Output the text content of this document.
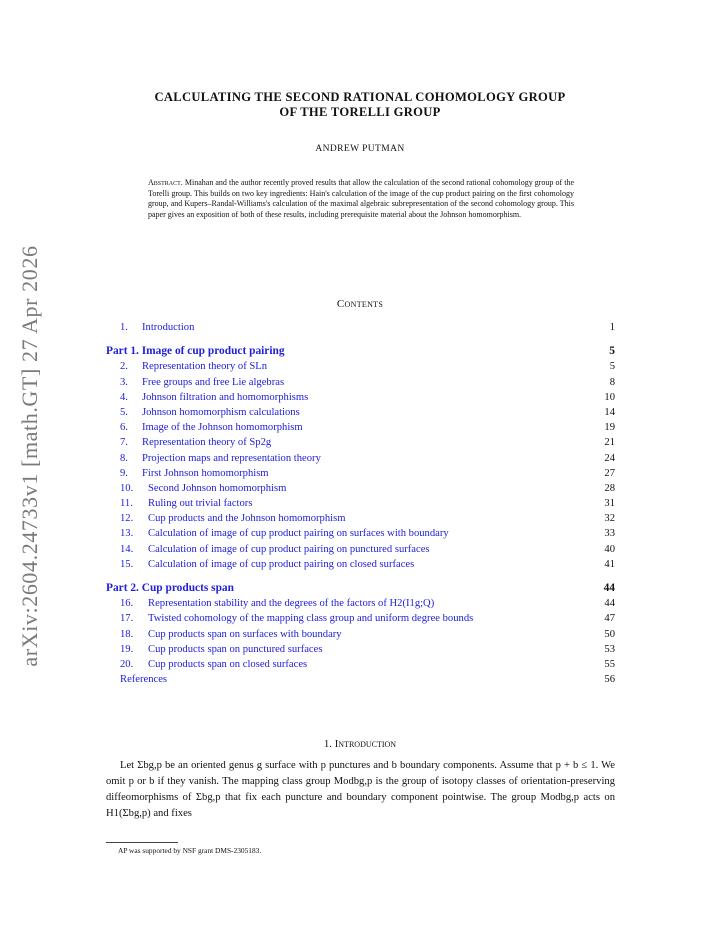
arXiv:2604.24733v1 [math.GT] 27 Apr 2026
CALCULATING THE SECOND RATIONAL COHOMOLOGY GROUP
OF THE TORELLI GROUP
ANDREW PUTMAN
Abstract. Minahan and the author recently proved results that allow the calculation of the second rational cohomology group of the Torelli group. This builds on two key ingredients: Hain's calculation of the image of the cup product pairing on the first cohomology group, and Kupers–Randal-Williams's calculation of the maximal algebraic subrepresentation of the second cohomology group. This paper gives an exposition of both of these results, including prerequisite material about the Johnson homomorphism.
Contents
1. Introduction	1
Part 1. Image of cup product pairing	5
2. Representation theory of SLn	5
3. Free groups and free Lie algebras	8
4. Johnson filtration and homomorphisms	10
5. Johnson homomorphism calculations	14
6. Image of the Johnson homomorphism	19
7. Representation theory of Sp2g	21
8. Projection maps and representation theory	24
9. First Johnson homomorphism	27
10. Second Johnson homomorphism	28
11. Ruling out trivial factors	31
12. Cup products and the Johnson homomorphism	32
13. Calculation of image of cup product pairing on surfaces with boundary	33
14. Calculation of image of cup product pairing on punctured surfaces	40
15. Calculation of image of cup product pairing on closed surfaces	41
Part 2. Cup products span	44
16. Representation stability and the degrees of the factors of H2(I1g;Q)	44
17. Twisted cohomology of the mapping class group and uniform degree bounds	47
18. Cup products span on surfaces with boundary	50
19. Cup products span on punctured surfaces	53
20. Cup products span on closed surfaces	55
References	56
1. Introduction

Let Σbg,p be an oriented genus g surface with p punctures and b boundary components. Assume that p + b ≤ 1. We omit p or b if they vanish. The mapping class group Modbg,p is the group of isotopy classes of orientation-preserving diffeomorphisms of Σbg,p that fix each puncture and boundary component pointwise. The group Modbg,p acts on H1(Σbg,p) and fixes

AP was supported by NSF grant DMS-2305183.
